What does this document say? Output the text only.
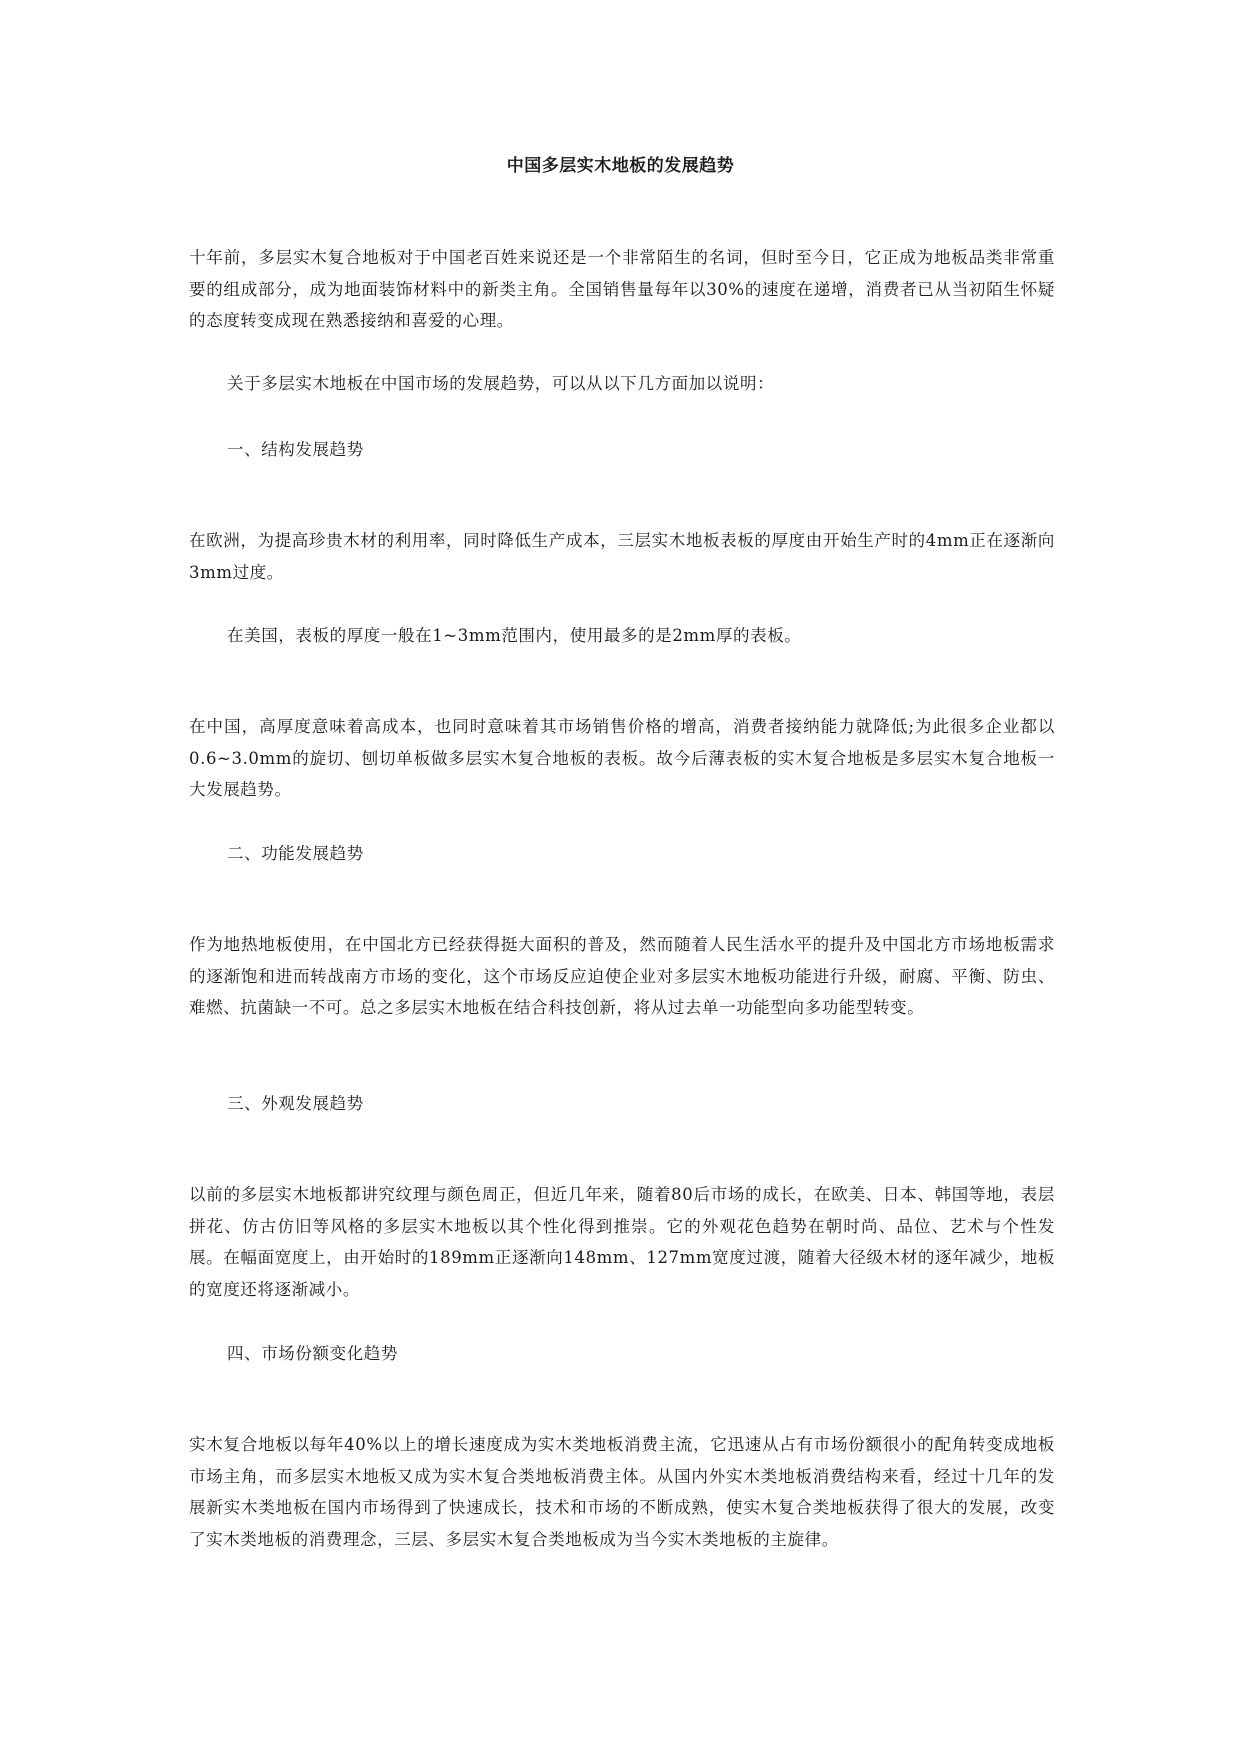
中国多层实木地板的发展趋势

十年前，多层实木复合地板对于中国老百姓来说还是一个非常陌生的名词，但时至今日，它正成为地板品类非常重要的组成部分，成为地面装饰材料中的新类主角。全国销售量每年以30%的速度在递增，消费者已从当初陌生怀疑的态度转变成现在熟悉接纳和喜爱的心理。

关于多层实木地板在中国市场的发展趋势，可以从以下几方面加以说明：

一、结构发展趋势

在欧洲，为提高珍贵木材的利用率，同时降低生产成本，三层实木地板表板的厚度由开始生产时的4mm正在逐渐向3mm过度。

在美国，表板的厚度一般在1~3mm范围内，使用最多的是2mm厚的表板。

在中国，高厚度意味着高成本，也同时意味着其市场销售价格的增高，消费者接纳能力就降低;为此很多企业都以0.6~3.0mm的旋切、刨切单板做多层实木复合地板的表板。故今后薄表板的实木复合地板是多层实木复合地板一大发展趋势。

二、功能发展趋势

作为地热地板使用，在中国北方已经获得挺大面积的普及，然而随着人民生活水平的提升及中国北方市场地板需求的逐渐饱和进而转战南方市场的变化，这个市场反应迫使企业对多层实木地板功能进行升级，耐腐、平衡、防虫、难燃、抗菌缺一不可。总之多层实木地板在结合科技创新，将从过去单一功能型向多功能型转变。

三、外观发展趋势

以前的多层实木地板都讲究纹理与颜色周正，但近几年来，随着80后市场的成长，在欧美、日本、韩国等地，表层拼花、仿古仿旧等风格的多层实木地板以其个性化得到推崇。它的外观花色趋势在朝时尚、品位、艺术与个性发展。在幅面宽度上，由开始时的189mm正逐渐向148mm、127mm宽度过渡，随着大径级木材的逐年减少，地板的宽度还将逐渐减小。

四、市场份额变化趋势

实木复合地板以每年40%以上的增长速度成为实木类地板消费主流，它迅速从占有市场份额很小的配角转变成地板市场主角，而多层实木地板又成为实木复合类地板消费主体。从国内外实木类地板消费结构来看，经过十几年的发展新实木类地板在国内市场得到了快速成长，技术和市场的不断成熟，使实木复合类地板获得了很大的发展，改变了实木类地板的消费理念，三层、多层实木复合类地板成为当今实木类地板的主旋律。
